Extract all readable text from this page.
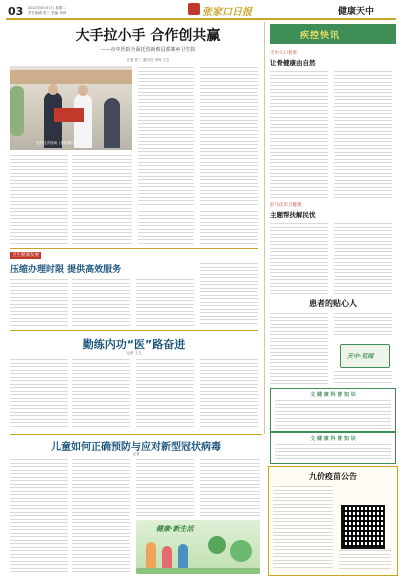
03 2021年8月31日 星期二
责任编辑 张三 美编 李四	张家口日报	健康天中
大手拉小手 合作创共赢
——市中医院全面托管新蔡县郭寨乡卫生院
记者 张三 通讯员 李四 王五
签约仪式现场（资料图片）
疾控快讯
天中人口普查
让骨健康由自然
驻马店市卫健委
主题帮扶解民忧
卫生健康发展
压缩办理时限 提供高效服务
患者的贴心人
天中·见闻
勤练内功“医”路奋进
记者 王五
文 健 康 科 普 知 识
文 健 康 科 普 知 识
儿童如何正确预防与应对新型冠状病毒
记者
健康·新生活
九价疫苗公告
